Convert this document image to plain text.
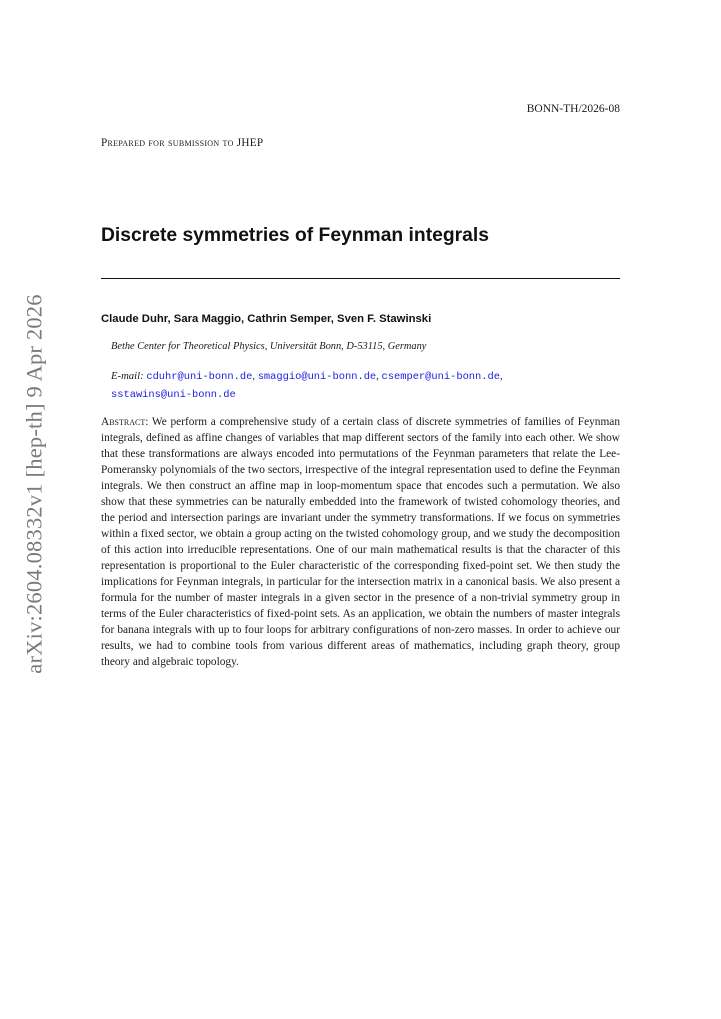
arXiv:2604.08332v1 [hep-th] 9 Apr 2026
BONN-TH/2026-08
Prepared for submission to JHEP
Discrete symmetries of Feynman integrals
Claude Duhr, Sara Maggio, Cathrin Semper, Sven F. Stawinski
Bethe Center for Theoretical Physics, Universität Bonn, D-53115, Germany
E-mail: cduhr@uni-bonn.de, smaggio@uni-bonn.de, csemper@uni-bonn.de,
sstawins@uni-bonn.de

Abstract: We perform a comprehensive study of a certain class of discrete symmetries of families of Feynman integrals, defined as affine changes of variables that map different sectors of the family into each other. We show that these transformations are always encoded into permutations of the Feynman parameters that relate the Lee-Pomeransky polynomials of the two sectors, irrespective of the integral representation used to define the Feynman integrals. We then construct an affine map in loop-momentum space that encodes such a permutation. We also show that these symmetries can be naturally embedded into the framework of twisted cohomology theories, and the period and intersection parings are invariant under the symmetry transformations. If we focus on symmetries within a fixed sector, we obtain a group acting on the twisted cohomology group, and we study the decomposition of this action into irreducible representations. One of our main mathematical results is that the character of this representation is proportional to the Euler characteristic of the corresponding fixed-point set. We then study the implications for Feynman integrals, in particular for the intersection matrix in a canonical basis. We also present a formula for the number of master integrals in a given sector in the presence of a non-trivial symmetry group in terms of the Euler characteristics of fixed-point sets. As an application, we obtain the numbers of master integrals for banana integrals with up to four loops for arbitrary configurations of non-zero masses. In order to achieve our results, we had to combine tools from various different areas of mathematics, including graph theory, group theory and algebraic topology.
